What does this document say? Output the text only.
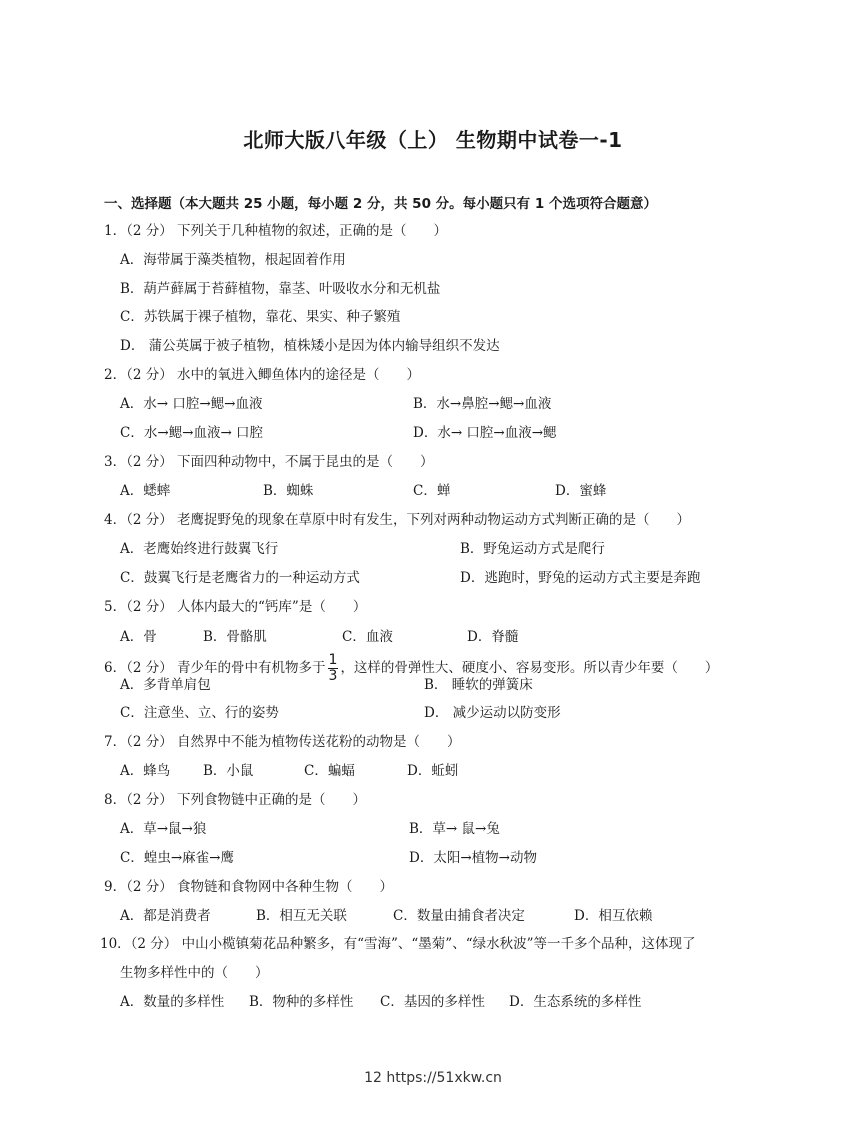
北师大版八年级（上） 生物期中试卷一-1
一、选择题（本大题共 25 小题，每小题 2 分，共 50 分。每小题只有 1 个选项符合题意）
1．（2 分） 下列关于几种植物的叙述，正确的是（　　）
A．海带属于藻类植物，根起固着作用
B．葫芦藓属于苔藓植物，靠茎、叶吸收水分和无机盐
C．苏铁属于裸子植物，靠花、果实、种子繁殖
D． 蒲公英属于被子植物，植株矮小是因为体内输导组织不发达
2．（2 分） 水中的氧进入鲫鱼体内的途径是（　　）
A．水→ 口腔→鳃→血液	B．水→鼻腔→鳃→血液
C．水→鳃→血液→ 口腔	D．水→ 口腔→血液→鳃
3．（2 分） 下面四种动物中，不属于昆虫的是（　　）
A．蟋蟀	B．蜘蛛	C．蝉	D．蜜蜂
4．（2 分） 老鹰捉野兔的现象在草原中时有发生，下列对两种动物运动方式判断正确的是（　　）
A．老鹰始终进行鼓翼飞行	B．野兔运动方式是爬行
C．鼓翼飞行是老鹰省力的一种运动方式	D．逃跑时，野兔的运动方式主要是奔跑
5．（2 分） 人体内最大的“钙库”是（　　）
A．骨	B．骨骼肌	C．血液	D．脊髓
6．（2 分） 青少年的骨中有机物多于 $\frac{1}{3}$ ，这样的骨弹性大、硬度小、容易变形。所以青少年要（　　）
A．多背单肩包	B． 睡软的弹簧床
C．注意坐、立、行的姿势	D． 减少运动以防变形
7．（2 分） 自然界中不能为植物传送花粉的动物是（　　）
A．蜂鸟 B．小鼠	C．蝙蝠	D．蚯蚓
8．（2 分） 下列食物链中正确的是（　　）
A．草→鼠→狼	B．草→ 鼠→兔
C．蝗虫→麻雀→鹰	D．太阳→植物→动物
9．（2 分） 食物链和食物网中各种生物（　　）
A．都是消费者	B．相互无关联	C．数量由捕食者决定	D．相互依赖
10．（2 分） 中山小榄镇菊花品种繁多，有“雪海”、“墨菊”、“绿水秋波”等一千多个品种，这体现了
生物多样性中的（　　）
A．数量的多样性 B．物种的多样性 C．基因的多样性 D．生态系统的多样性
12 https://51xkw.cn
